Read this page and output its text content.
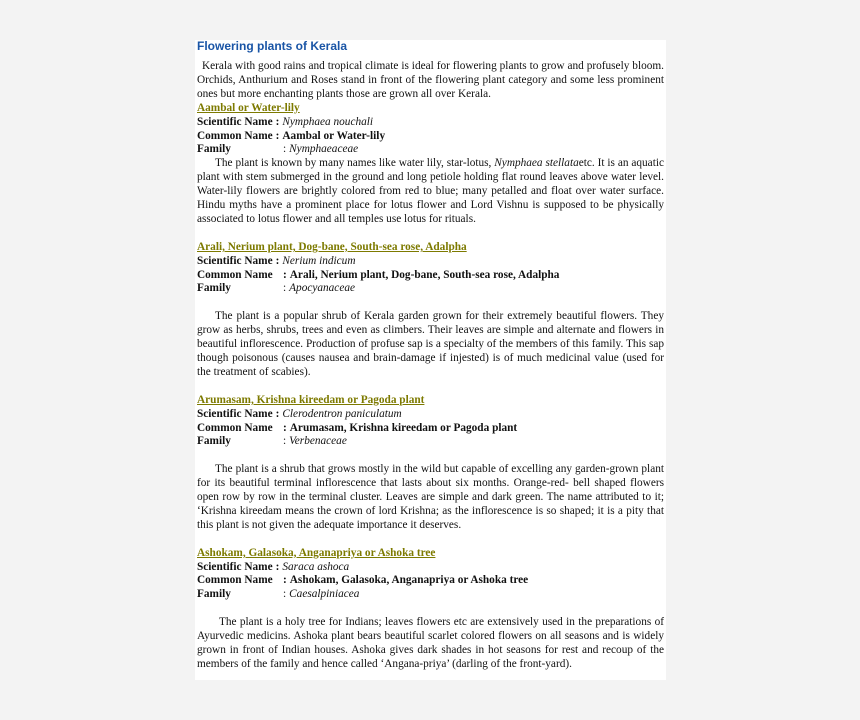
Flowering plants of Kerala

Kerala with good rains and tropical climate is ideal for flowering plants to grow and profusely bloom. Orchids, Anthurium and Roses stand in front of the flowering plant category and some less prominent ones but more enchanting plants those are grown all over Kerala.

Aambal or Water-lily
Scientific Name : Nymphaea nouchali
Common Name : Aambal or Water-lily
Family	: Nymphaeaceae

The plant is known by many names like water lily, star-lotus, Nymphaea stellataetc. It is an aquatic plant with stem submerged in the ground and long petiole holding flat round leaves above water level. Water-lily flowers are brightly colored from red to blue; many petalled and float over water surface. Hindu myths have a prominent place for lotus flower and Lord Vishnu is supposed to be physically associated to lotus flower and all temples use lotus for rituals.

Arali, Nerium plant, Dog-bane, South-sea rose, Adalpha
Scientific Name : Nerium indicum
Common Name : Arali, Nerium plant, Dog-bane, South-sea rose, Adalpha
Family	: Apocyanaceae

The plant is a popular shrub of Kerala garden grown for their extremely beautiful flowers. They grow as herbs, shrubs, trees and even as climbers. Their leaves are simple and alternate and flowers in beautiful inflorescence. Production of profuse sap is a specialty of the members of this family. This sap though poisonous (causes nausea and brain-damage if injested) is of much medicinal value (used for the treatment of scabies).

Arumasam, Krishna kireedam or Pagoda plant
Scientific Name : Clerodentron paniculatum
Common Name : Arumasam, Krishna kireedam or Pagoda plant
Family	: Verbenaceae

The plant is a shrub that grows mostly in the wild but capable of excelling any garden-grown plant for its beautiful terminal inflorescence that lasts about six months. Orange-red- bell shaped flowers open row by row in the terminal cluster. Leaves are simple and dark green. The name attributed to it; ‘Krishna kireedam means the crown of lord Krishna; as the inflorescence is so shaped; it is a pity that this plant is not given the adequate importance it deserves.

Ashokam, Galasoka, Anganapriya or Ashoka tree
Scientific Name : Saraca ashoca
Common Name : Ashokam, Galasoka, Anganapriya or Ashoka tree
Family	: Caesalpiniacea

The plant is a holy tree for Indians; leaves flowers etc are extensively used in the preparations of Ayurvedic medicins. Ashoka plant bears beautiful scarlet colored flowers on all seasons and is widely grown in front of Indian houses. Ashoka gives dark shades in hot seasons for rest and recoup of the members of the family and hence called ‘Angana-priya’ (darling of the front-yard).
